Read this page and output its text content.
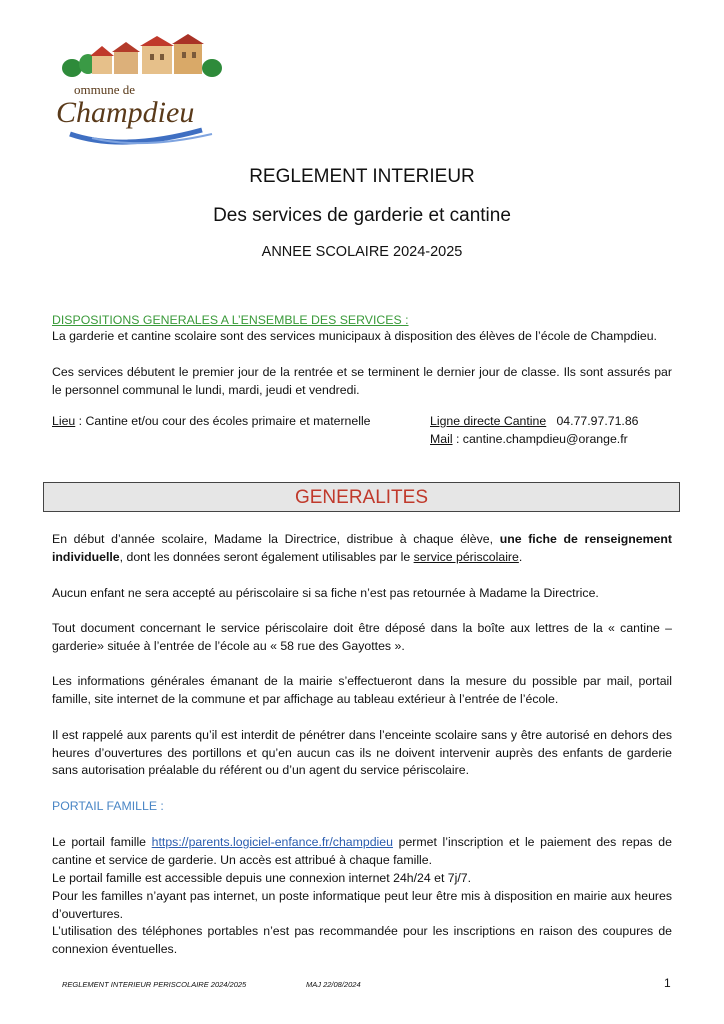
ommune de
Champdieu
REGLEMENT INTERIEUR
Des services de garderie et cantine
ANNEE SCOLAIRE 2024-2025
DISPOSITIONS GENERALES A L’ENSEMBLE DES SERVICES :
La garderie et cantine scolaire sont des services municipaux à disposition des élèves de l’école de Champdieu.
Ces services débutent le premier jour de la rentrée et se terminent le dernier jour de classe. Ils sont assurés par le personnel communal le lundi, mardi, jeudi et vendredi.
Lieu : Cantine et/ou cour des écoles primaire et maternelle	Ligne directe Cantine 04.77.97.71.86
Mail : cantine.champdieu@orange.fr
GENERALITES
En début d’année scolaire, Madame la Directrice, distribue à chaque élève, une fiche de renseignement individuelle, dont les données seront également utilisables par le service périscolaire.
Aucun enfant ne sera accepté au périscolaire si sa fiche n’est pas retournée à Madame la Directrice.
Tout document concernant le service périscolaire doit être déposé dans la boîte aux lettres de la « cantine – garderie» située à l’entrée de l’école au « 58 rue des Gayottes ».
Les informations générales émanant de la mairie s’effectueront dans la mesure du possible par mail, portail famille, site internet de la commune et par affichage au tableau extérieur à l’entrée de l’école.
Il est rappelé aux parents qu’il est interdit de pénétrer dans l’enceinte scolaire sans y être autorisé en dehors des heures d’ouvertures des portillons et qu’en aucun cas ils ne doivent intervenir auprès des enfants de garderie sans autorisation préalable du référent ou d’un agent du service périscolaire.
PORTAIL FAMILLE :
Le portail famille https://parents.logiciel-enfance.fr/champdieu permet l’inscription et le paiement des repas de cantine et service de garderie. Un accès est attribué à chaque famille.
Le portail famille est accessible depuis une connexion internet 24h/24 et 7j/7.
Pour les familles n’ayant pas internet, un poste informatique peut leur être mis à disposition en mairie aux heures d’ouvertures.
L’utilisation des téléphones portables n’est pas recommandée pour les inscriptions en raison des coupures de connexion éventuelles.
REGLEMENT INTERIEUR PERISCOLAIRE 2024/2025	MAJ 22/08/2024	1
